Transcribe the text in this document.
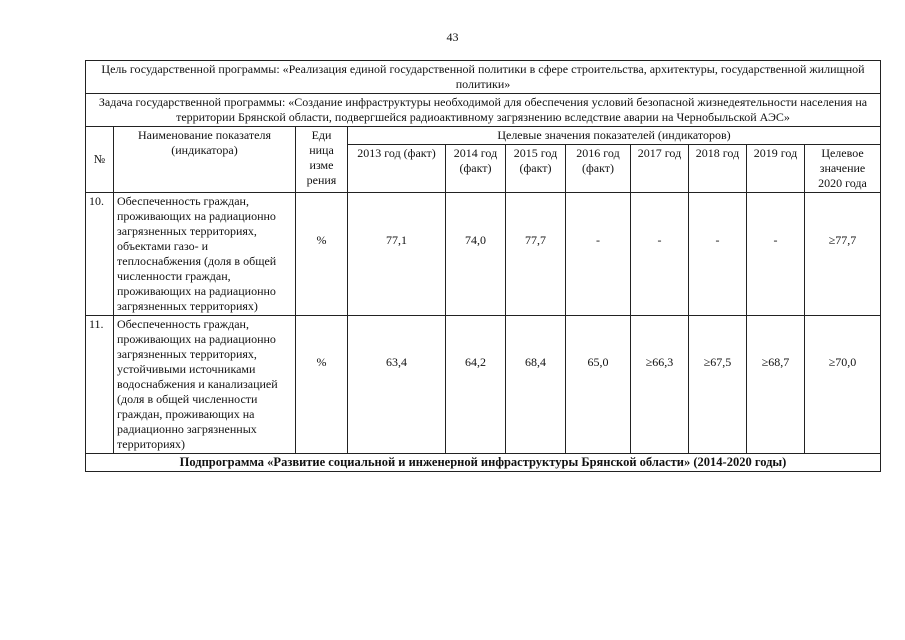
43
Цель государственной программы: «Реализация единой государственной политики в сфере строительства, архитектуры, государственной жилищной политики»										
Задача государственной программы: «Создание инфраструктуры необходимой для обеспечения условий безопасной жизнедеятельности населения на территории Брянской области, подвергшейся радиоактивному загрязнению вследствие аварии на Чернобыльской АЭС»										
№	Наименование показателя (индикатора)	Еди ница изме рения	Целевые значения показателей (индикаторов)							
			2013 год (факт)	2014 год (факт)	2015 год (факт)	2016 год (факт)	2017 год	2018 год	2019 год	Целевое значение 2020 года
10.	Обеспеченность граждан, проживающих на радиационно загрязненных территориях, объектами газо- и теплоснабжения (доля в общей численности граждан, проживающих на радиационно загрязненных территориях)	%	77,1	74,0	77,7	-	-	-	-	≥77,7
11.	Обеспеченность граждан, проживающих на радиационно загрязненных территориях, устойчивыми источниками водоснабжения и канализацией (доля в общей численности граждан, проживающих на радиационно загрязненных территориях)	%	63,4	64,2	68,4	65,0	≥66,3	≥67,5	≥68,7	≥70,0
Подпрограмма «Развитие социальной и инженерной инфраструктуры Брянской области» (2014-2020 годы)										
